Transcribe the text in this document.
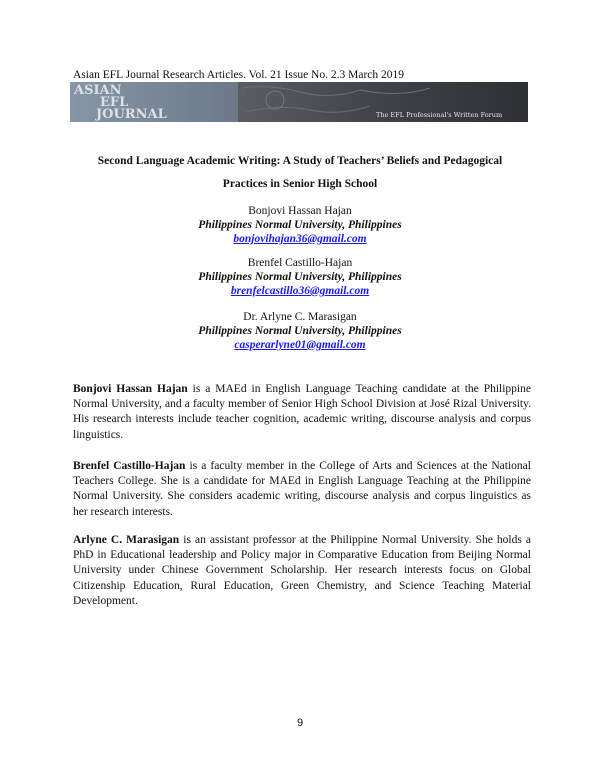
Asian EFL Journal Research Articles. Vol. 21 Issue No. 2.3 March 2019
ASIAN
EFL
JOURNAL	The EFL Professional's Written Forum
Second Language Academic Writing: A Study of Teachers’ Beliefs and Pedagogical
Practices in Senior High School
Bonjovi Hassan Hajan
Philippines Normal University, Philippines
bonjovihajan36@gmail.com
Brenfel Castillo-Hajan
Philippines Normal University, Philippines
brenfelcastillo36@gmail.com
Dr. Arlyne C. Marasigan
Philippines Normal University, Philippines
casperarlyne01@gmail.com
Bonjovi Hassan Hajan is a MAEd in English Language Teaching candidate at the Philippine Normal University, and a faculty member of Senior High School Division at José Rizal University. His research interests include teacher cognition, academic writing, discourse analysis and corpus linguistics.
Brenfel Castillo-Hajan is a faculty member in the College of Arts and Sciences at the National Teachers College. She is a candidate for MAEd in English Language Teaching at the Philippine Normal University. She considers academic writing, discourse analysis and corpus linguistics as her research interests.
Arlyne C. Marasigan is an assistant professor at the Philippine Normal University. She holds a PhD in Educational leadership and Policy major in Comparative Education from Beijing Normal University under Chinese Government Scholarship. Her research interests focus on Global Citizenship Education, Rural Education, Green Chemistry, and Science Teaching Material Development.
9
